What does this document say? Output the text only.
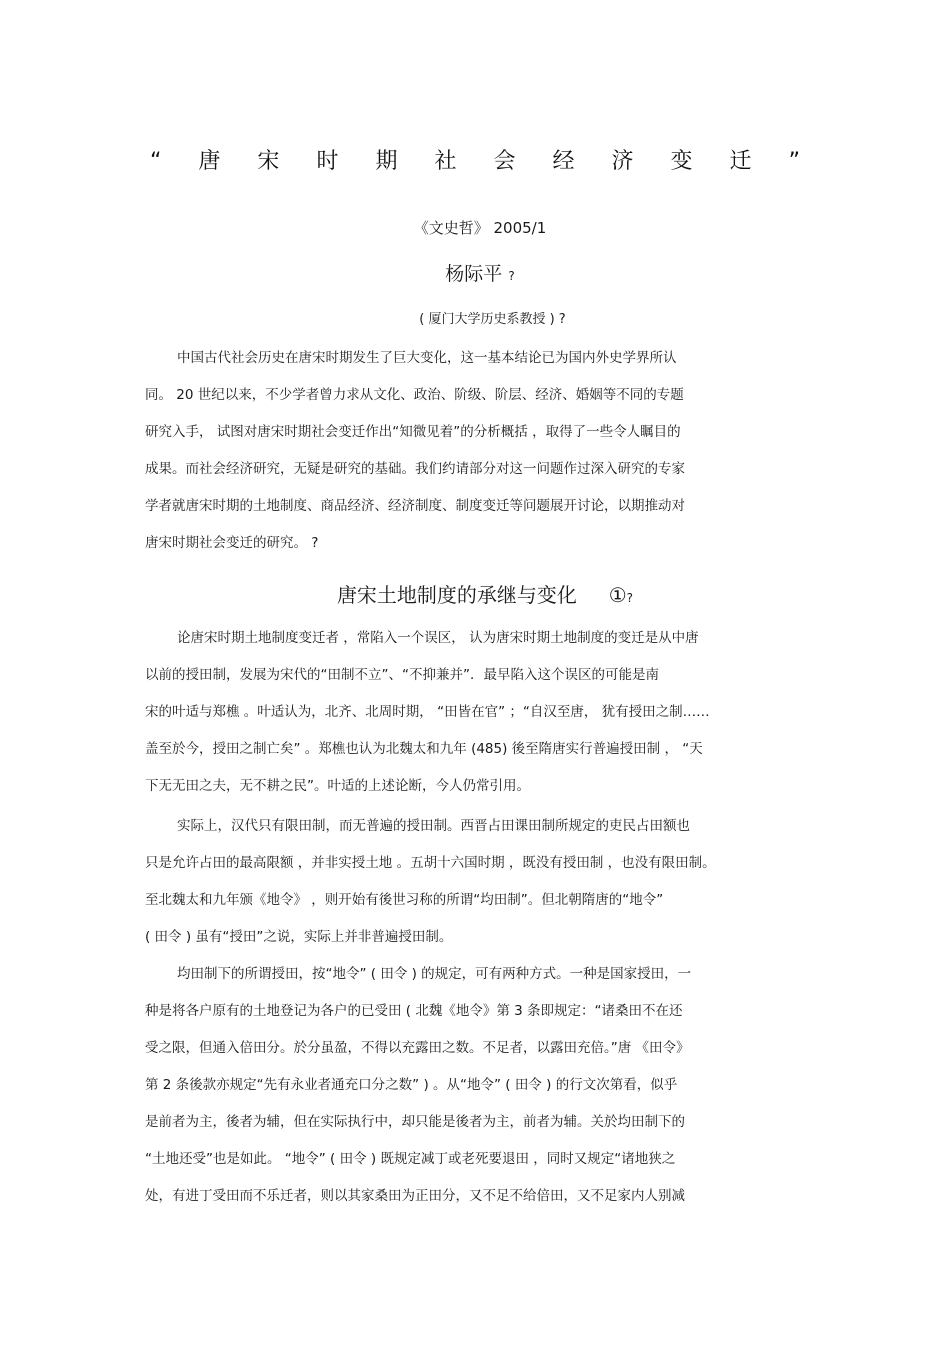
“ 唐 宋 时 期 社 会 经 济 变 迁 ”
《文史哲》 2005/1
杨际平 ?
( 厦门大学历史系教授 ) ?
中国古代社会历史在唐宋时期发生了巨大变化，这一基本结论已为国内外史学界所认
同。 20 世纪以来，不少学者曾力求从文化、政治、阶级、阶层、经济、婚姻等不同的专题
研究入手， 试图对唐宋时期社会变迁作出“知微见着”的分析概括 ，取得了一些令人瞩目的
成果。而社会经济研究，无疑是研究的基础。我们约请部分对这一问题作过深入研究的专家
学者就唐宋时期的土地制度、商品经济、经济制度、制度变迁等问题展开讨论，以期推动对
唐宋时期社会变迁的研究。 ?
唐宋土地制度的承继与变化 ①?
论唐宋时期土地制度变迁者 ，常陷入一个误区， 认为唐宋时期土地制度的变迁是从中唐
以前的授田制，发展为宋代的“田制不立”、“不抑兼并”．最早陷入这个误区的可能是南
宋的叶适与郑樵 。叶适认为，北齐、北周时期， “田皆在官” ；“自汉至唐， 犹有授田之制……
盖至於今，授田之制亡矣” 。郑樵也认为北魏太和九年 (485) 後至隋唐实行普遍授田制 ， “天
下无无田之夫，无不耕之民”。叶适的上述论断，今人仍常引用。
实际上，汉代只有限田制，而无普遍的授田制。西晋占田课田制所规定的吏民占田额也
只是允许占田的最高限额 ，并非实授土地 。五胡十六国时期 ，既没有授田制 ，也没有限田制。
至北魏太和九年颁《地令》 ，则开始有後世习称的所谓“均田制”。但北朝隋唐的“地令”
( 田令 ) 虽有“授田”之说，实际上并非普遍授田制。
均田制下的所谓授田，按“地令” ( 田令 ) 的规定，可有两种方式。一种是国家授田，一
种是将各户原有的土地登记为各户的已受田 ( 北魏《地令》第 3 条即规定：“诸桑田不在还
受之限，但通入倍田分。於分虽盈，不得以充露田之数。不足者，以露田充倍。”唐 《田令》
第 2 条後款亦规定“先有永业者通充口分之数” ) 。从“地令” ( 田令 ) 的行文次第看，似乎
是前者为主，後者为辅，但在实际执行中，却只能是後者为主，前者为辅。关於均田制下的
“土地还受”也是如此。 “地令” ( 田令 ) 既规定减丁或老死要退田 ，同时又规定“诸地狭之
处，有进丁受田而不乐迁者，则以其家桑田为正田分，又不足不给倍田，又不足家内人别减
